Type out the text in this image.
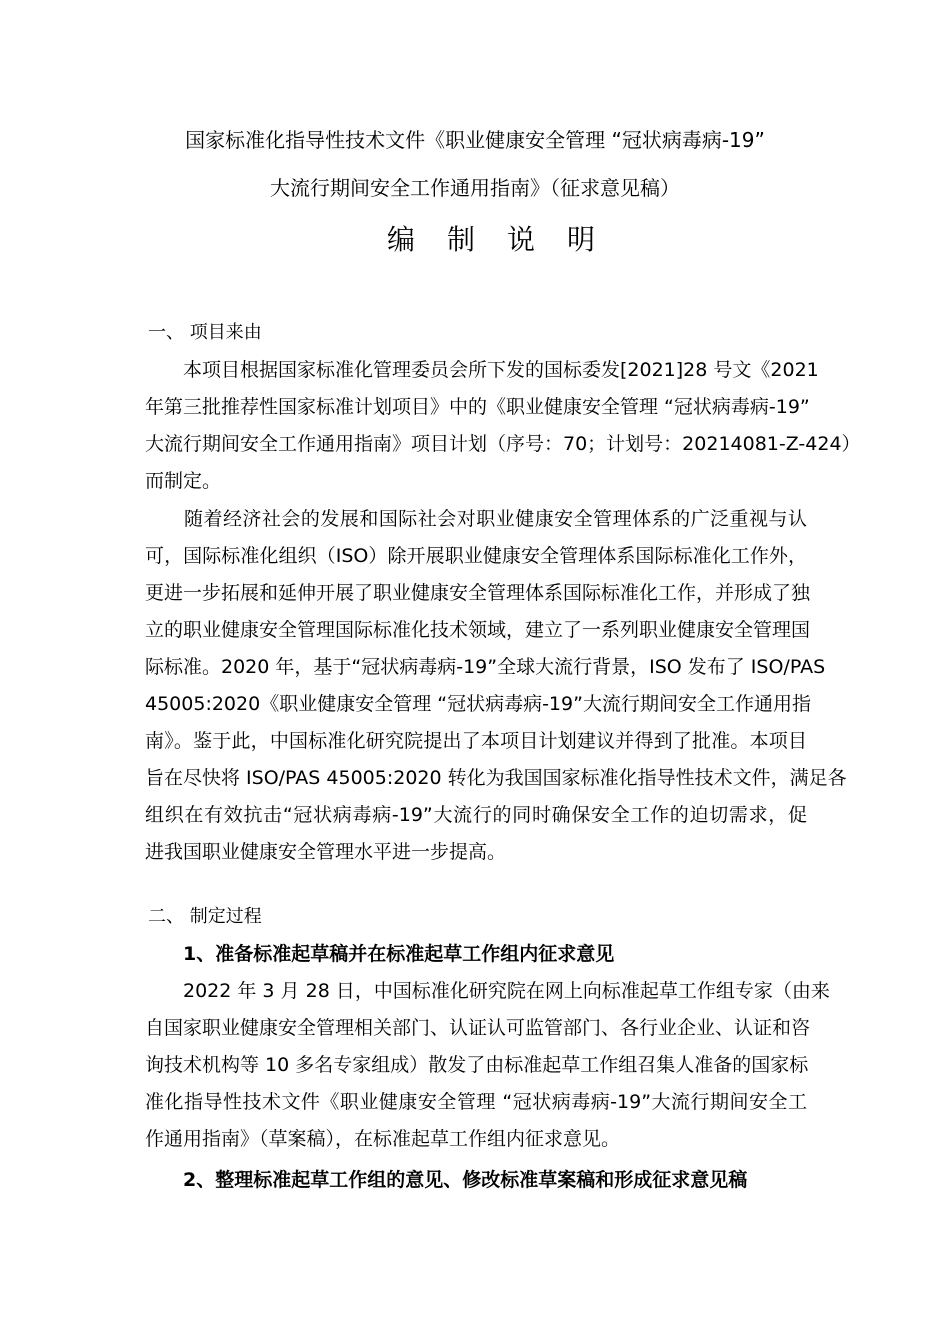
国家标准化指导性技术文件《职业健康安全管理 “冠状病毒病-19”
大流行期间安全工作通用指南》（征求意见稿）
编制说明
一、 项目来由
　　本项目根据国家标准化管理委员会所下发的国标委发[2021]28 号文《2021
年第三批推荐性国家标准计划项目》中的《职业健康安全管理 “冠状病毒病-19”
大流行期间安全工作通用指南》项目计划（序号：70；计划号：20214081-Z-424）
而制定。
　　随着经济社会的发展和国际社会对职业健康安全管理体系的广泛重视与认
可，国际标准化组织（ISO）除开展职业健康安全管理体系国际标准化工作外，
更进一步拓展和延伸开展了职业健康安全管理体系国际标准化工作，并形成了独
立的职业健康安全管理国际标准化技术领域，建立了一系列职业健康安全管理国
际标准。2020 年，基于“冠状病毒病-19”全球大流行背景，ISO 发布了 ISO/PAS
45005:2020《职业健康安全管理 “冠状病毒病-19”大流行期间安全工作通用指
南》。鉴于此，中国标准化研究院提出了本项目计划建议并得到了批准。本项目
旨在尽快将 ISO/PAS 45005:2020 转化为我国国家标准化指导性技术文件，满足各
组织在有效抗击“冠状病毒病-19”大流行的同时确保安全工作的迫切需求，促
进我国职业健康安全管理水平进一步提高。
二、 制定过程
1、准备标准起草稿并在标准起草工作组内征求意见
　　2022 年 3 月 28 日，中国标准化研究院在网上向标准起草工作组专家（由来
自国家职业健康安全管理相关部门、认证认可监管部门、各行业企业、认证和咨
询技术机构等 10 多名专家组成）散发了由标准起草工作组召集人准备的国家标
准化指导性技术文件《职业健康安全管理 “冠状病毒病-19”大流行期间安全工
作通用指南》（草案稿），在标准起草工作组内征求意见。
2、整理标准起草工作组的意见、修改标准草案稿和形成征求意见稿
